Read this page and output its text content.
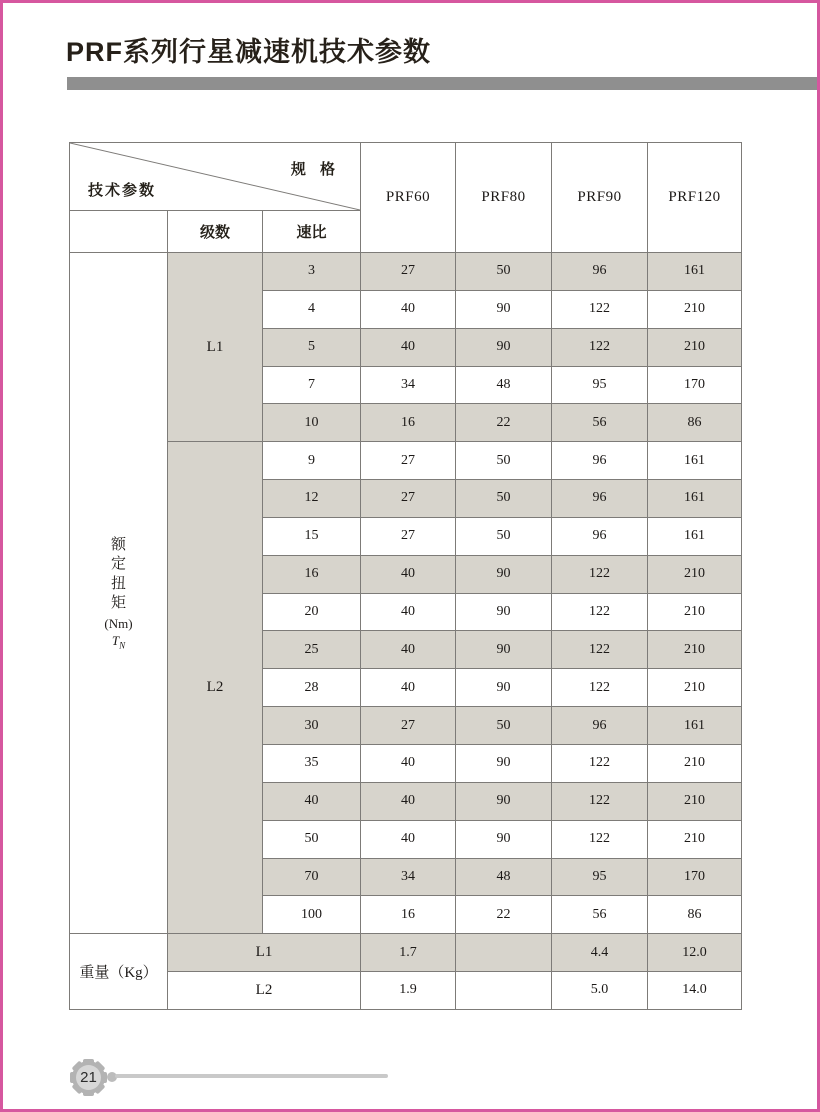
PRF系列行星减速机技术参数
规 格
技术参数			PRF60	PRF80	PRF90	PRF120
	级数	速比				

额定扭矩
(Nm)
$T_N$	L1	3	27	50	96	161
		4	40	90	122	210
		5	40	90	122	210
		7	34	48	95	170
		10	16	22	56	86
	L2	9	27	50	96	161
		12	27	50	96	161
		15	27	50	96	161
		16	40	90	122	210
		20	40	90	122	210
		25	40	90	122	210
		28	40	90	122	210
		30	27	50	96	161
		35	40	90	122	210
		40	40	90	122	210
		50	40	90	122	210
		70	34	48	95	170
		100	16	22	56	86
重量（Kg）	L1		1.7		4.4	12.0
	L2		1.9		5.0	14.0
21
